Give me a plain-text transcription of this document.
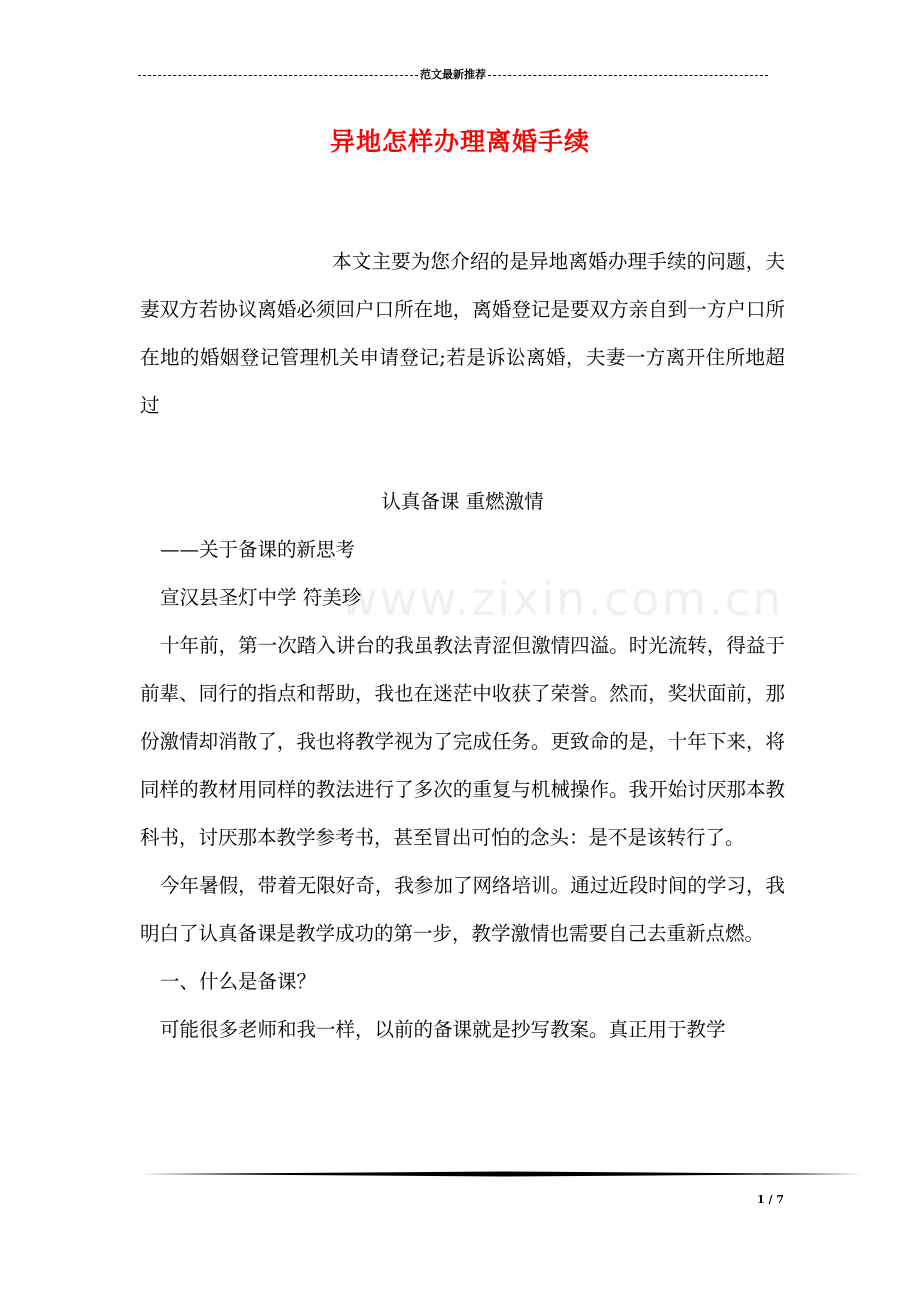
范文最新推荐
异地怎样办理离婚手续
本文主要为您介绍的是异地离婚办理手续的问题，夫妻双方若协议离婚必须回户口所在地，离婚登记是要双方亲自到一方户口所在地的婚姻登记管理机关申请登记;若是诉讼离婚，夫妻一方离开住所地超过
www.zixin.com.cn

认真备课 重燃激情

——关于备课的新思考

宣汉县圣灯中学 符美珍

十年前，第一次踏入讲台的我虽教法青涩但激情四溢。时光流转，得益于前辈、同行的指点和帮助，我也在迷茫中收获了荣誉。然而，奖状面前，那份激情却消散了，我也将教学视为了完成任务。更致命的是，十年下来，将同样的教材用同样的教法进行了多次的重复与机械操作。我开始讨厌那本教科书，讨厌那本教学参考书，甚至冒出可怕的念头：是不是该转行了。

今年暑假，带着无限好奇，我参加了网络培训。通过近段时间的学习，我明白了认真备课是教学成功的第一步，教学激情也需要自己去重新点燃。

一、什么是备课？

可能很多老师和我一样，以前的备课就是抄写教案。真正用于教学

1 / 7
